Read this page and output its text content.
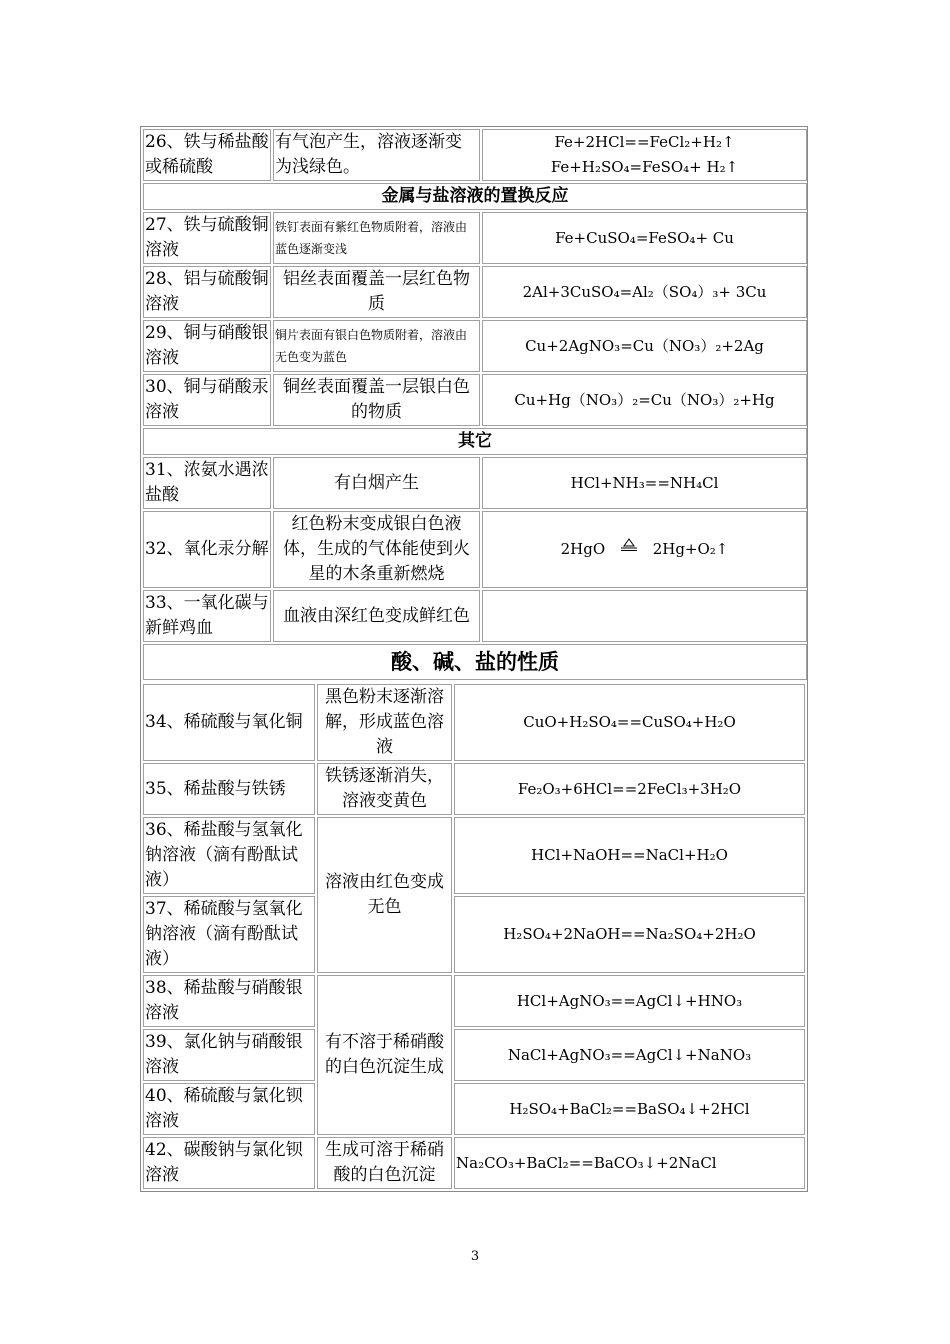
26、铁与稀盐酸或稀硫酸	有气泡产生，溶液逐渐变为浅绿色。	Fe+2HCl==FeCl₂+H₂↑
Fe+H₂SO₄=FeSO₄+ H₂↑

金属与盐溶液的置换反应		
27、铁与硫酸铜溶液	铁钉表面有紫红色物质附着，溶液由蓝色逐渐变浅	Fe+CuSO₄=FeSO₄+ Cu
28、铝与硫酸铜溶液	铝丝表面覆盖一层红色物质	2Al+3CuSO₄=Al₂（SO₄）₃+ 3Cu
29、铜与硝酸银溶液	铜片表面有银白色物质附着，溶液由无色变为蓝色	Cu+2AgNO₃=Cu（NO₃）₂+2Ag
30、铜与硝酸汞溶液	铜丝表面覆盖一层银白色的物质	Cu+Hg（NO₃）₂=Cu（NO₃）₂+Hg
其它		
31、浓氨水遇浓盐酸	有白烟产生	HCl+NH₃==NH₄Cl
32、氧化汞分解	红色粉末变成银白色液体，生成的气体能使到火星的木条重新燃烧	2HgO 2Hg+O₂↑
33、一氧化碳与新鲜鸡血	血液由深红色变成鲜红色	
酸、碱、盐的性质		
34、稀硫酸与氧化铜	黑色粉末逐渐溶解，形成蓝色溶液	CuO+H₂SO₄==CuSO₄+H₂O
35、稀盐酸与铁锈	铁锈逐渐消失，溶液变黄色	Fe₂O₃+6HCl==2FeCl₃+3H₂O
36、稀盐酸与氢氧化钠溶液（滴有酚酞试液）	溶液由红色变成无色	HCl+NaOH==NaCl+H₂O
37、稀硫酸与氢氧化钠溶液（滴有酚酞试液）		H₂SO₄+2NaOH==Na₂SO₄+2H₂O
38、稀盐酸与硝酸银溶液	有不溶于稀硝酸的白色沉淀生成	HCl+AgNO₃==AgCl↓+HNO₃
39、氯化钠与硝酸银溶液		NaCl+AgNO₃==AgCl↓+NaNO₃
40、稀硫酸与氯化钡溶液		H₂SO₄+BaCl₂==BaSO₄↓+2HCl
42、碳酸钠与氯化钡溶液	生成可溶于稀硝酸的白色沉淀	Na₂CO₃+BaCl₂==BaCO₃↓+2NaCl
3
